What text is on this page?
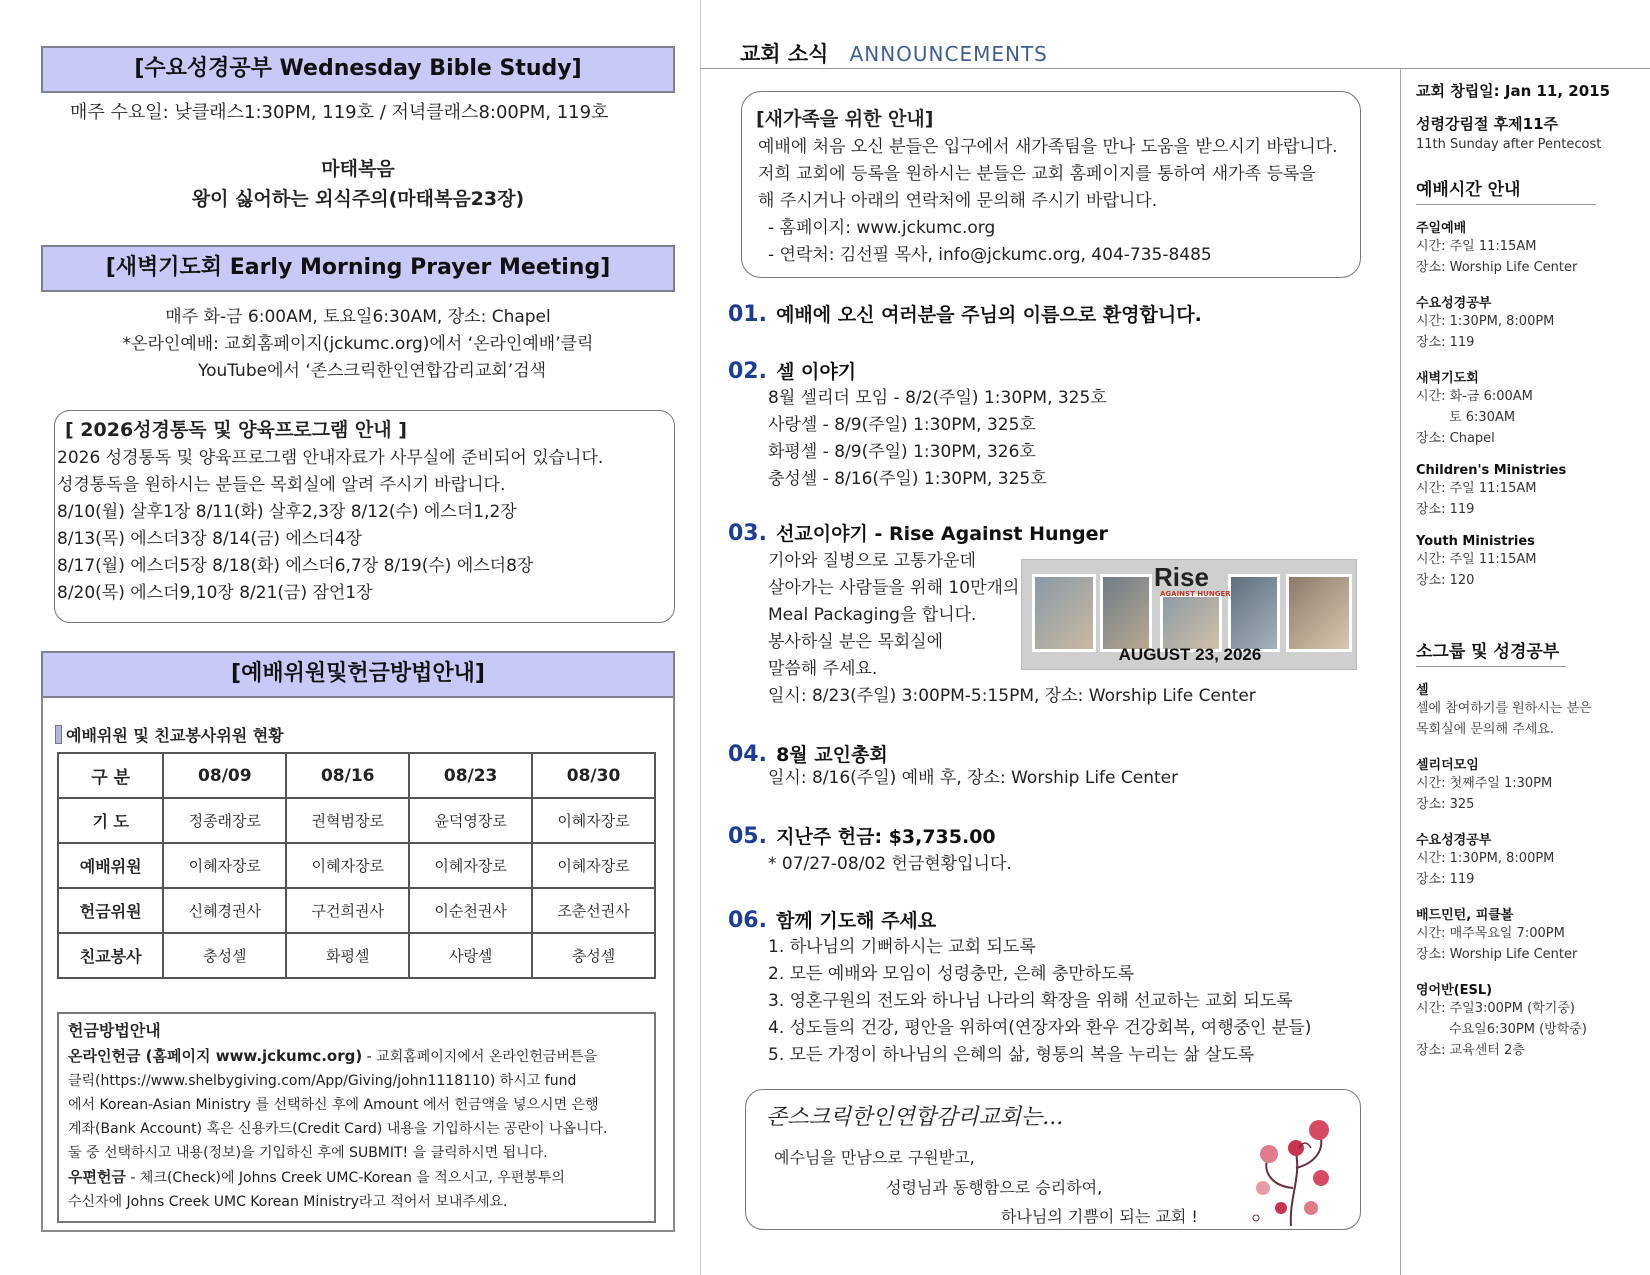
[수요성경공부 Wednesday Bible Study]
매주 수요일: 낮클래스1:30PM, 119호 / 저녁클래스8:00PM, 119호
마태복음
왕이 싫어하는 외식주의(마태복음23장)
[새벽기도회 Early Morning Prayer Meeting]
매주 화-금 6:00AM, 토요일6:30AM, 장소: Chapel
*온라인예배: 교회홈페이지(jckumc.org)에서 ‘온라인예배’클릭
YouTube에서 ‘존스크릭한인연합감리교회’검색
[ 2026성경통독 및 양육프로그램 안내 ]
2026 성경통독 및 양육프로그램 안내자료가 사무실에 준비되어 있습니다.
성경통독을 원하시는 분들은 목회실에 알려 주시기 바랍니다.
8/10(월) 살후1장 8/11(화) 살후2,3장 8/12(수) 에스더1,2장
8/13(목) 에스더3장 8/14(금) 에스더4장
8/17(월) 에스더5장 8/18(화) 에스더6,7장 8/19(수) 에스더8장
8/20(목) 에스더9,10장 8/21(금) 잠언1장
[예배위원및헌금방법안내]
예배위원 및 친교봉사위원 현황
구 분	08/09	08/16	08/23	08/30
기 도	정종래장로	권혁범장로	윤덕영장로	이혜자장로
예배위원	이혜자장로	이혜자장로	이혜자장로	이혜자장로
헌금위원	신혜경권사	구건희권사	이순천권사	조춘선권사
친교봉사	충성셀	화평셀	사랑셀	충성셀
헌금방법안내
온라인헌금 (홈페이지 www.jckumc.org) - 교회홈페이지에서 온라인헌금버튼을
클릭(https://www.shelbygiving.com/App/Giving/john1118110) 하시고 fund
에서 Korean-Asian Ministry 를 선택하신 후에 Amount 에서 헌금액을 넣으시면 은행
계좌(Bank Account) 혹은 신용카드(Credit Card) 내용을 기입하시는 공란이 나옵니다.
둘 중 선택하시고 내용(정보)을 기입하신 후에 SUBMIT! 을 클릭하시면 됩니다.
우편헌금 - 체크(Check)에 Johns Creek UMC-Korean 을 적으시고, 우편봉투의
수신자에 Johns Creek UMC Korean Ministry라고 적어서 보내주세요.
교회 소식 ANNOUNCEMENTS
[새가족을 위한 안내]
예배에 처음 오신 분들은 입구에서 새가족팀을 만나 도움을 받으시기 바랍니다.
저희 교회에 등록을 원하시는 분들은 교회 홈페이지를 통하여 새가족 등록을
해 주시거나 아래의 연락처에 문의해 주시기 바랍니다.
- 홈페이지: www.jckumc.org
- 연락처: 김선필 목사, info@jckumc.org, 404-735-8485
01. 예배에 오신 여러분을 주님의 이름으로 환영합니다.
02. 셀 이야기
8월 셀리더 모임 - 8/2(주일) 1:30PM, 325호
사랑셀 - 8/9(주일) 1:30PM, 325호
화평셀 - 8/9(주일) 1:30PM, 326호
충성셀 - 8/16(주일) 1:30PM, 325호
03. 선교이야기 - Rise Against Hunger
기아와 질병으로 고통가운데
살아가는 사람들을 위해 10만개의
Meal Packaging을 합니다.
봉사하실 분은 목회실에
말씀해 주세요.
일시: 8/23(주일) 3:00PM-5:15PM, 장소: Worship Life Center
Rise
AGAINST HUNGER
AUGUST 23, 2026
04. 8월 교인총회
일시: 8/16(주일) 예배 후, 장소: Worship Life Center
05. 지난주 헌금: $3,735.00
* 07/27-08/02 헌금현황입니다.
06. 함께 기도해 주세요
1. 하나님의 기뻐하시는 교회 되도록
2. 모든 예배와 모임이 성령충만, 은혜 충만하도록
3. 영혼구원의 전도와 하나님 나라의 확장을 위해 선교하는 교회 되도록
4. 성도들의 건강, 평안을 위하여(연장자와 환우 건강회복, 여행중인 분들)
5. 모든 가정이 하나님의 은혜의 삶, 형통의 복을 누리는 삶 살도록
존스크릭한인연합감리교회는...
예수님을 만남으로 구원받고,
성령님과 동행함으로 승리하여,
하나님의 기쁨이 되는 교회 !
교회 창립일: Jan 11, 2015
성령강림절 후제11주
11th Sunday after Pentecost
예배시간 안내
주일예배
시간: 주일 11:15AM
장소: Worship Life Center
수요성경공부
시간: 1:30PM, 8:00PM
장소: 119
새벽기도회
시간: 화-금 6:00AM
토 6:30AM
장소: Chapel
Children's Ministries
시간: 주일 11:15AM
장소: 119
Youth Ministries
시간: 주일 11:15AM
장소: 120
소그룹 및 성경공부
셀
셀에 참여하기를 원하시는 분은
목회실에 문의해 주세요.
셀리더모임
시간: 첫째주일 1:30PM
장소: 325
수요성경공부
시간: 1:30PM, 8:00PM
장소: 119
배드민턴, 피클볼
시간: 매주목요일 7:00PM
장소: Worship Life Center
영어반(ESL)
시간: 주일3:00PM (학기중)
수요일6:30PM (방학중)
장소: 교육센터 2층
